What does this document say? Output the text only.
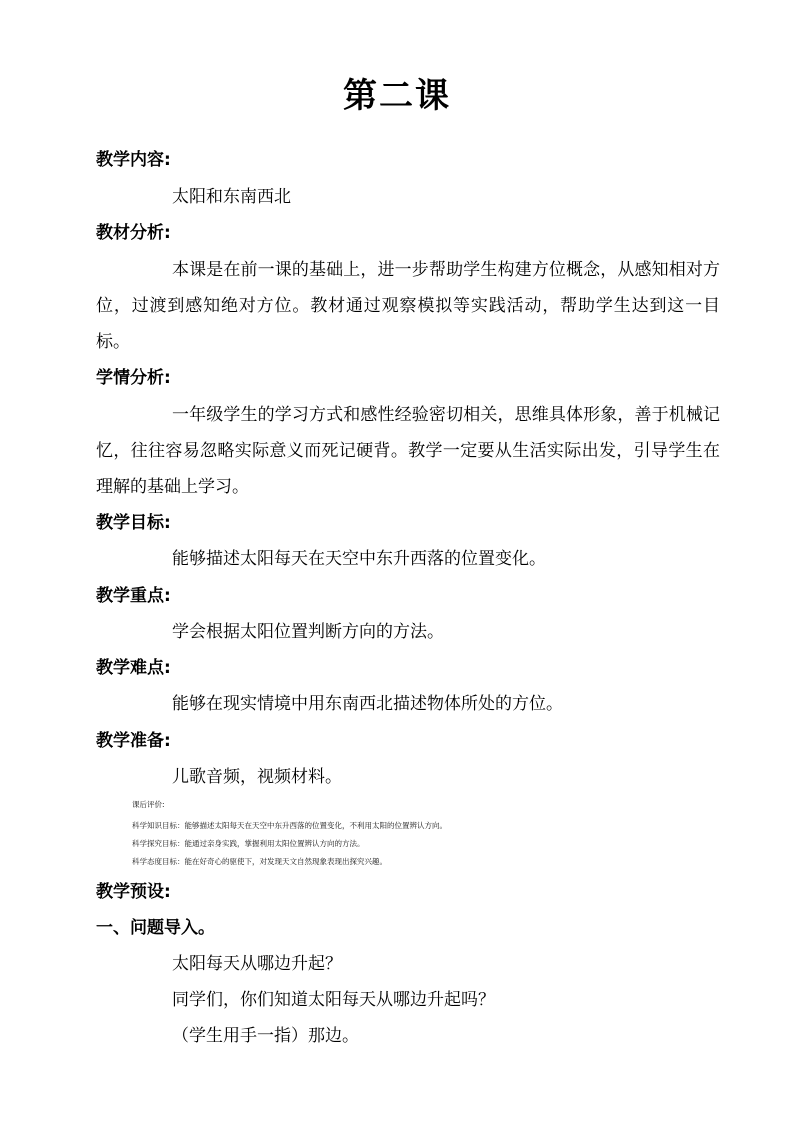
第二课
教学内容:
太阳和东南西北
教材分析:
本课是在前一课的基础上，进一步帮助学生构建方位概念，从感知相对方位，过渡到感知绝对方位。教材通过观察模拟等实践活动，帮助学生达到这一目标。
学情分析:
一年级学生的学习方式和感性经验密切相关，思维具体形象，善于机械记忆，往往容易忽略实际意义而死记硬背。教学一定要从生活实际出发，引导学生在理解的基础上学习。
教学目标:
能够描述太阳每天在天空中东升西落的位置变化。
教学重点:
学会根据太阳位置判断方向的方法。
教学难点:
能够在现实情境中用东南西北描述物体所处的方位。
教学准备:
儿歌音频，视频材料。
课后评价:
科学知识目标：能够描述太阳每天在天空中东升西落的位置变化，不利用太阳的位置辨认方向。
科学探究目标：能通过亲身实践，掌握利用太阳位置辨认方向的方法。
科学态度目标：能在好奇心的驱使下，对发现天文自然现象表现出探究兴趣。
教学预设:
一、问题导入。
太阳每天从哪边升起？
同学们，你们知道太阳每天从哪边升起吗？
（学生用手一指）那边。
